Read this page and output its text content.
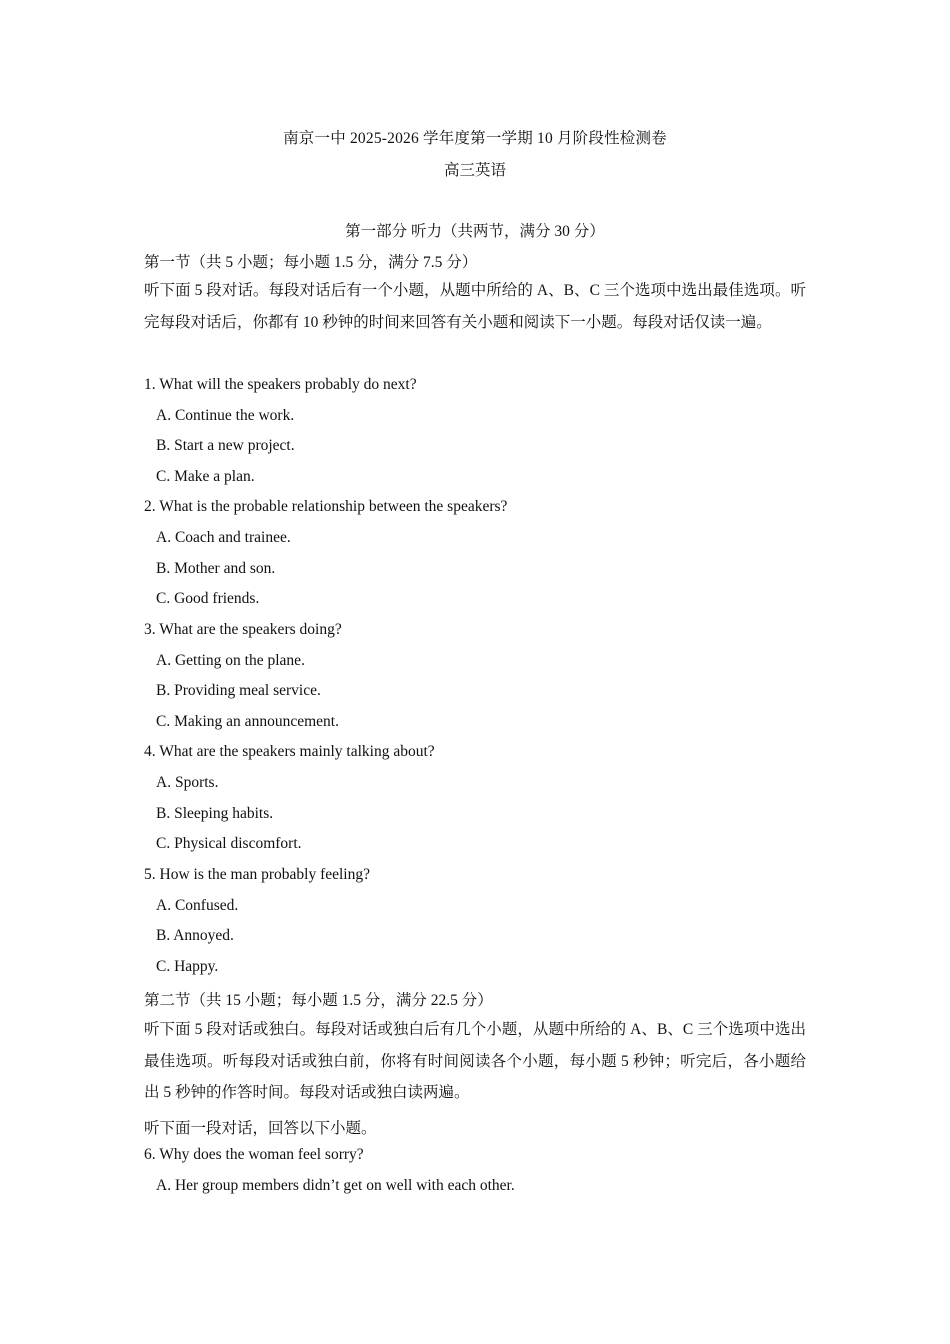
南京一中 2025-2026 学年度第一学期 10 月阶段性检测卷
高三英语
第一部分 听力（共两节，满分 30 分）
第一节（共 5 小题；每小题 1.5 分，满分 7.5 分）
听下面 5 段对话。每段对话后有一个小题，从题中所给的 A、B、C 三个选项中选出最佳选项。听完每段对话后，你都有 10 秒钟的时间来回答有关小题和阅读下一小题。每段对话仅读一遍。
1. What will the speakers probably do next?
A. Continue the work.
B. Start a new project.
C. Make a plan.
2. What is the probable relationship between the speakers?
A. Coach and trainee.
B. Mother and son.
C. Good friends.
3. What are the speakers doing?
A. Getting on the plane.
B. Providing meal service.
C. Making an announcement.
4. What are the speakers mainly talking about?
A. Sports.
B. Sleeping habits.
C. Physical discomfort.
5. How is the man probably feeling?
A. Confused.
B. Annoyed.
C. Happy.
第二节（共 15 小题；每小题 1.5 分，满分 22.5 分）
听下面 5 段对话或独白。每段对话或独白后有几个小题，从题中所给的 A、B、C 三个选项中选出最佳选项。听每段对话或独白前，你将有时间阅读各个小题，每小题 5 秒钟；听完后，各小题给出 5 秒钟的作答时间。每段对话或独白读两遍。
听下面一段对话，回答以下小题。
6. Why does the woman feel sorry?
A. Her group members didn’t get on well with each other.
